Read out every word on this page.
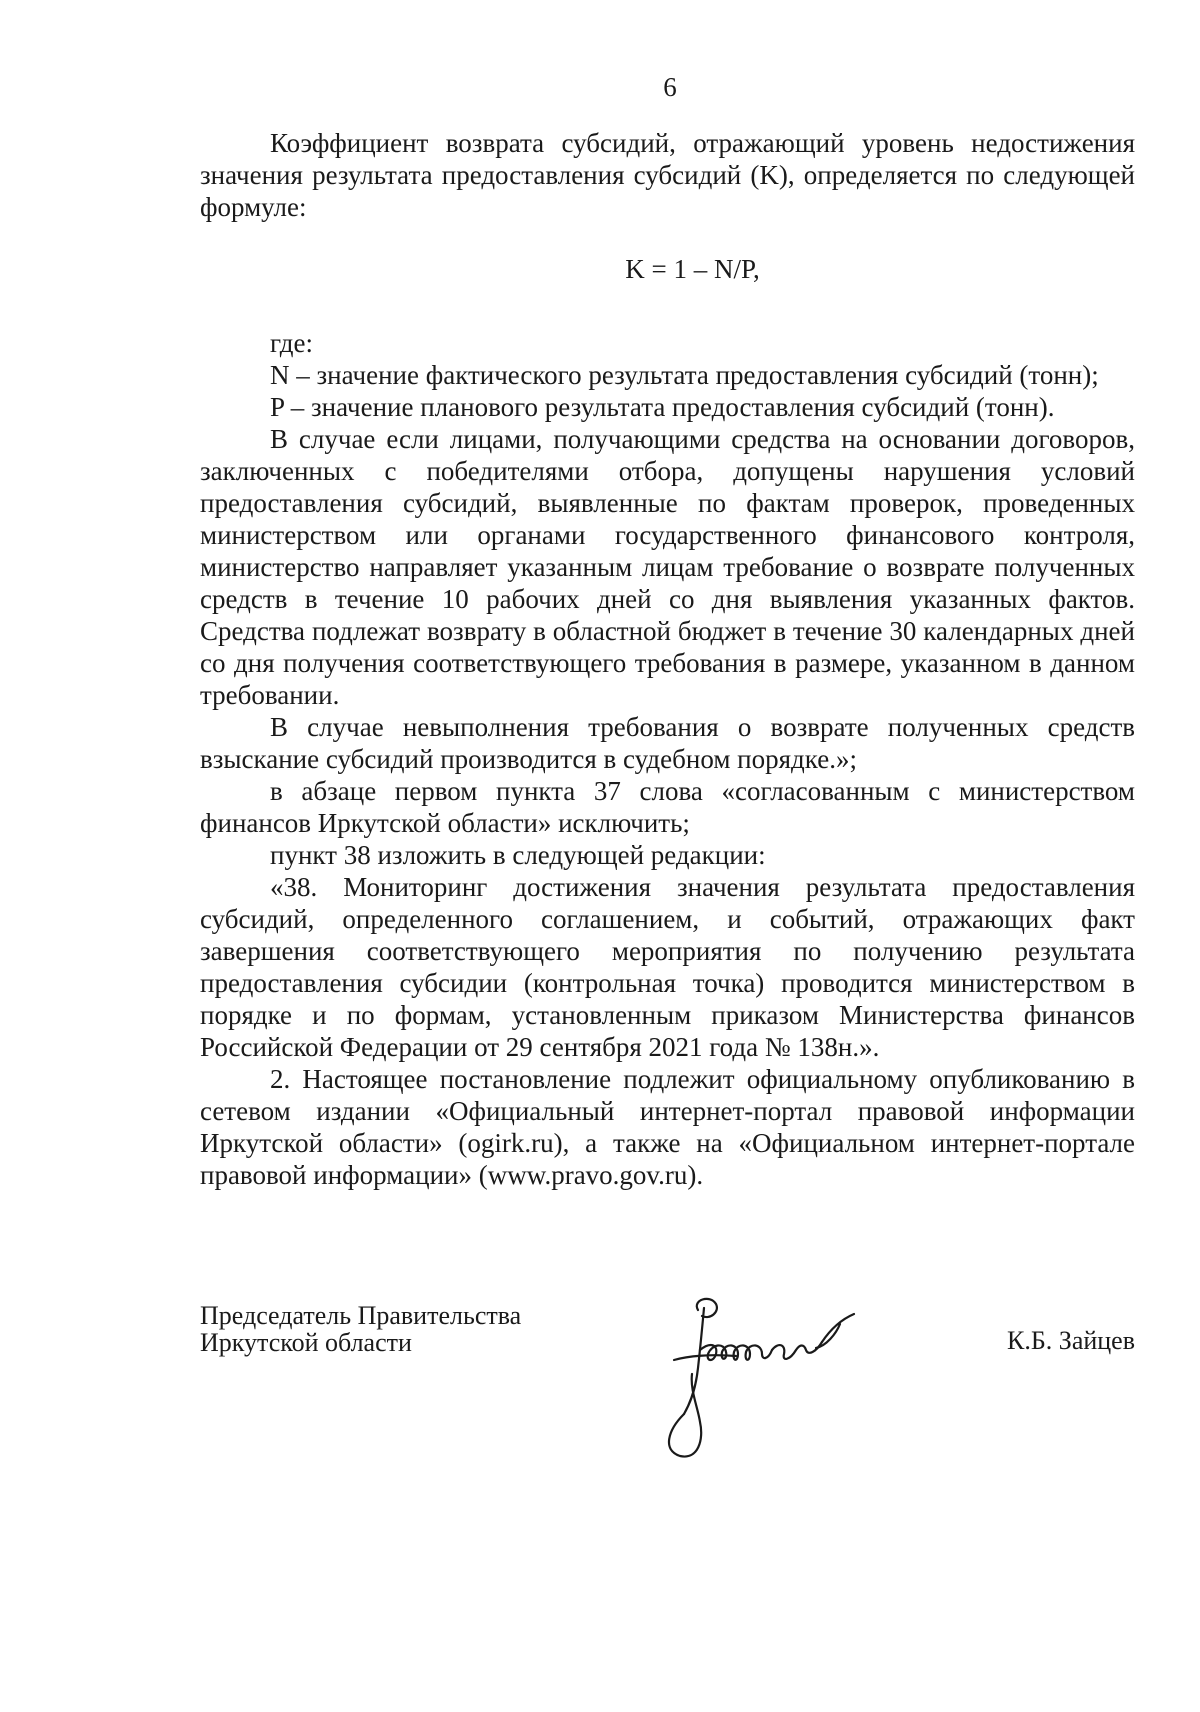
6

Коэффициент возврата субсидий, отражающий уровень недостижения значения результата предоставления субсидий (K), определяется по следующей формуле:

K = 1 – N/P,

где:

N – значение фактического результата предоставления субсидий (тонн);

P – значение планового результата предоставления субсидий (тонн).

В случае если лицами, получающими средства на основании договоров, заключенных с победителями отбора, допущены нарушения условий предоставления субсидий, выявленные по фактам проверок, проведенных министерством или органами государственного финансового контроля, министерство направляет указанным лицам требование о возврате полученных средств в течение 10 рабочих дней со дня выявления указанных фактов. Средства подлежат возврату в областной бюджет в течение 30 календарных дней со дня получения соответствующего требования в размере, указанном в данном требовании.

В случае невыполнения требования о возврате полученных средств взыскание субсидий производится в судебном порядке.»;

в абзаце первом пункта 37 слова «согласованным с министерством финансов Иркутской области» исключить;

пункт 38 изложить в следующей редакции:

«38. Мониторинг достижения значения результата предоставления субсидий, определенного соглашением, и событий, отражающих факт завершения соответствующего мероприятия по получению результата предоставления субсидии (контрольная точка) проводится министерством в порядке и по формам, установленным приказом Министерства финансов Российской Федерации от 29 сентября 2021 года № 138н.».

2. Настоящее постановление подлежит официальному опубликованию в сетевом издании «Официальный интернет-портал правовой информации Иркутской области» (ogirk.ru), а также на «Официальном интернет-портале правовой информации» (www.pravo.gov.ru).

Председатель Правительства
Иркутской области	К.Б. Зайцев
